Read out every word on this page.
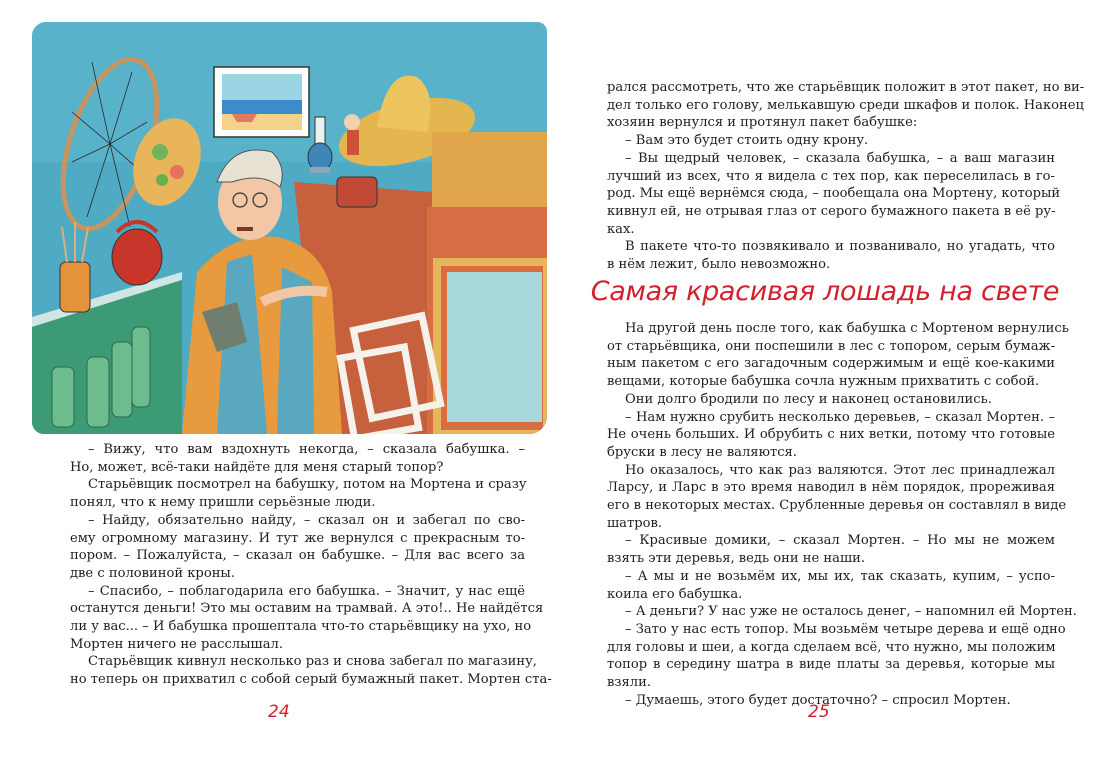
– Вижу, что вам вздохнуть некогда, – сказала бабушка. –
Но, может, всё-таки найдёте для меня старый топор?

Старьёвщик посмотрел на бабушку, потом на Мортена и сразу
понял, что к нему пришли серьёзные люди.

– Найду, обязательно найду, – сказал он и забегал по сво-
ему огромному магазину. И тут же вернулся с прекрасным то-
пором. – Пожалуйста, – сказал он бабушке. – Для вас всего за
две с половиной кроны.

– Спасибо, – поблагодарила его бабушка. – Значит, у нас ещё
останутся деньги! Это мы оставим на трамвай. А это!.. Не найдётся
ли у вас... – И бабушка прошептала что-то старьёвщику на ухо, но
Мортен ничего не расслышал.

Старьёвщик кивнул несколько раз и снова забегал по магазину,
но теперь он прихватил с собой серый бумажный пакет. Мортен ста-

24

рался рассмотреть, что же старьёвщик положит в этот пакет, но ви-
дел только его голову, мелькавшую среди шкафов и полок. Наконец
хозяин вернулся и протянул пакет бабушке:

– Вам это будет стоить одну крону.

– Вы щедрый человек, – сказала бабушка, – а ваш магазин
лучший из всех, что я видела с тех пор, как переселилась в го-
род. Мы ещё вернёмся сюда, – пообещала она Мортену, который
кивнул ей, не отрывая глаз от серого бумажного пакета в её ру-
ках.

В пакете что-то позвякивало и позванивало, но угадать, что
в нём лежит, было невозможно.

Самая красивая лошадь на свете

На другой день после того, как бабушка с Мортеном вернулись
от старьёвщика, они поспешили в лес с топором, серым бумаж-
ным пакетом с его загадочным содержимым и ещё кое-какими
вещами, которые бабушка сочла нужным прихватить с собой.

Они долго бродили по лесу и наконец остановились.

– Нам нужно срубить несколько деревьев, – сказал Мортен. –
Не очень больших. И обрубить с них ветки, потому что готовые
бруски в лесу не валяются.

Но оказалось, что как раз валяются. Этот лес принадлежал
Ларсу, и Ларс в это время наводил в нём порядок, прореживая
его в некоторых местах. Срубленные деревья он составлял в виде
шатров.

– Красивые домики, – сказал Мортен. – Но мы не можем
взять эти деревья, ведь они не наши.

– А мы и не возьмём их, мы их, так сказать, купим, – успо-
коила его бабушка.

– А деньги? У нас уже не осталось денег, – напомнил ей Мортен.

– Зато у нас есть топор. Мы возьмём четыре дерева и ещё одно
для головы и шеи, а когда сделаем всё, что нужно, мы положим
топор в середину шатра в виде платы за деревья, которые мы
взяли.

– Думаешь, этого будет достаточно? – спросил Мортен.

25
